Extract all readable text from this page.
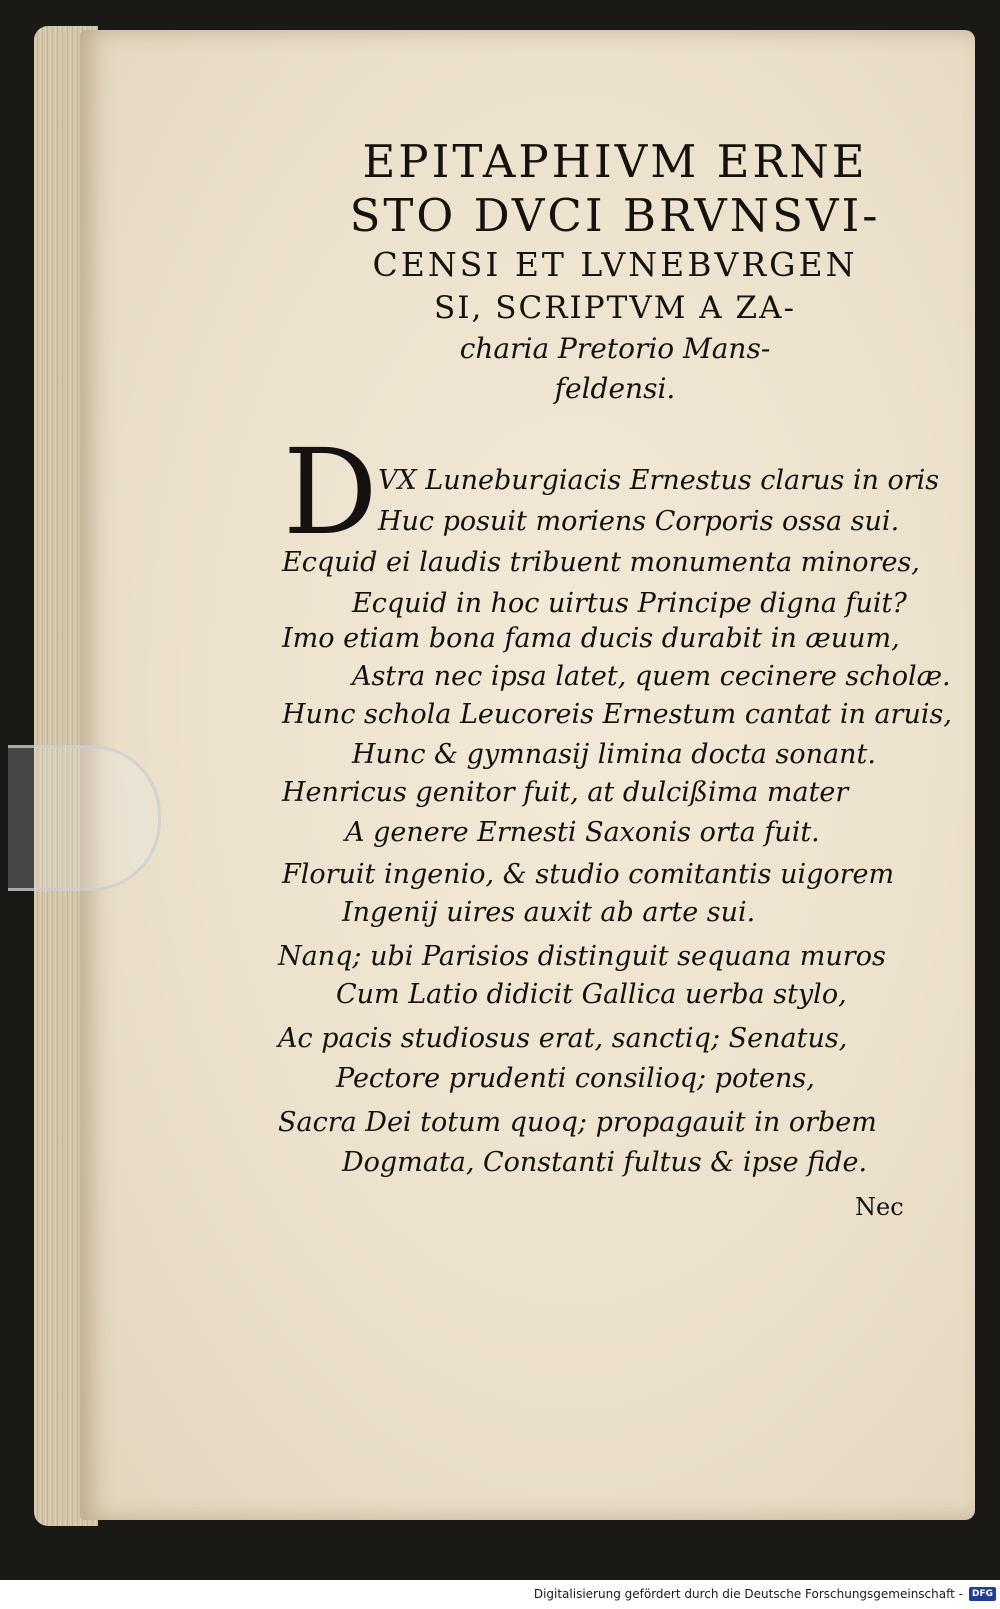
EPITAPHIVM ERNE
STO DVCI BRVNSVI-
CENSI ET LVNEBVRGEN
SI, SCRIPTVM A ZA-
charia Pretorio Mans-
feldensi.
D VX Luneburgiacis Ernestus clarus in oris
Huc posuit moriens Corporis ossa sui.
Ecquid ei laudis tribuent monumenta minores,
Ecquid in hoc uirtus Principe digna fuit?
Imo etiam bona fama ducis durabit in æuum,
Astra nec ipsa latet, quem cecinere scholæ.
Hunc schola Leucoreis Ernestum cantat in aruis,
Hunc & gymnasij limina docta sonant.
Henricus genitor fuit, at dulcißima mater
A genere Ernesti Saxonis orta fuit.
Floruit ingenio, & studio comitantis uigorem
Ingenij uires auxit ab arte sui.
Nanq; ubi Parisios distinguit sequana muros
Cum Latio didicit Gallica uerba stylo,
Ac pacis studiosus erat, sanctiq; Senatus,
Pectore prudenti consilioq; potens,
Sacra Dei totum quoq; propagauit in orbem
Dogmata, Constanti fultus & ipse fide.
Nec
Digitalisierung gefördert durch die Deutsche Forschungsgemeinschaft -	DFG
